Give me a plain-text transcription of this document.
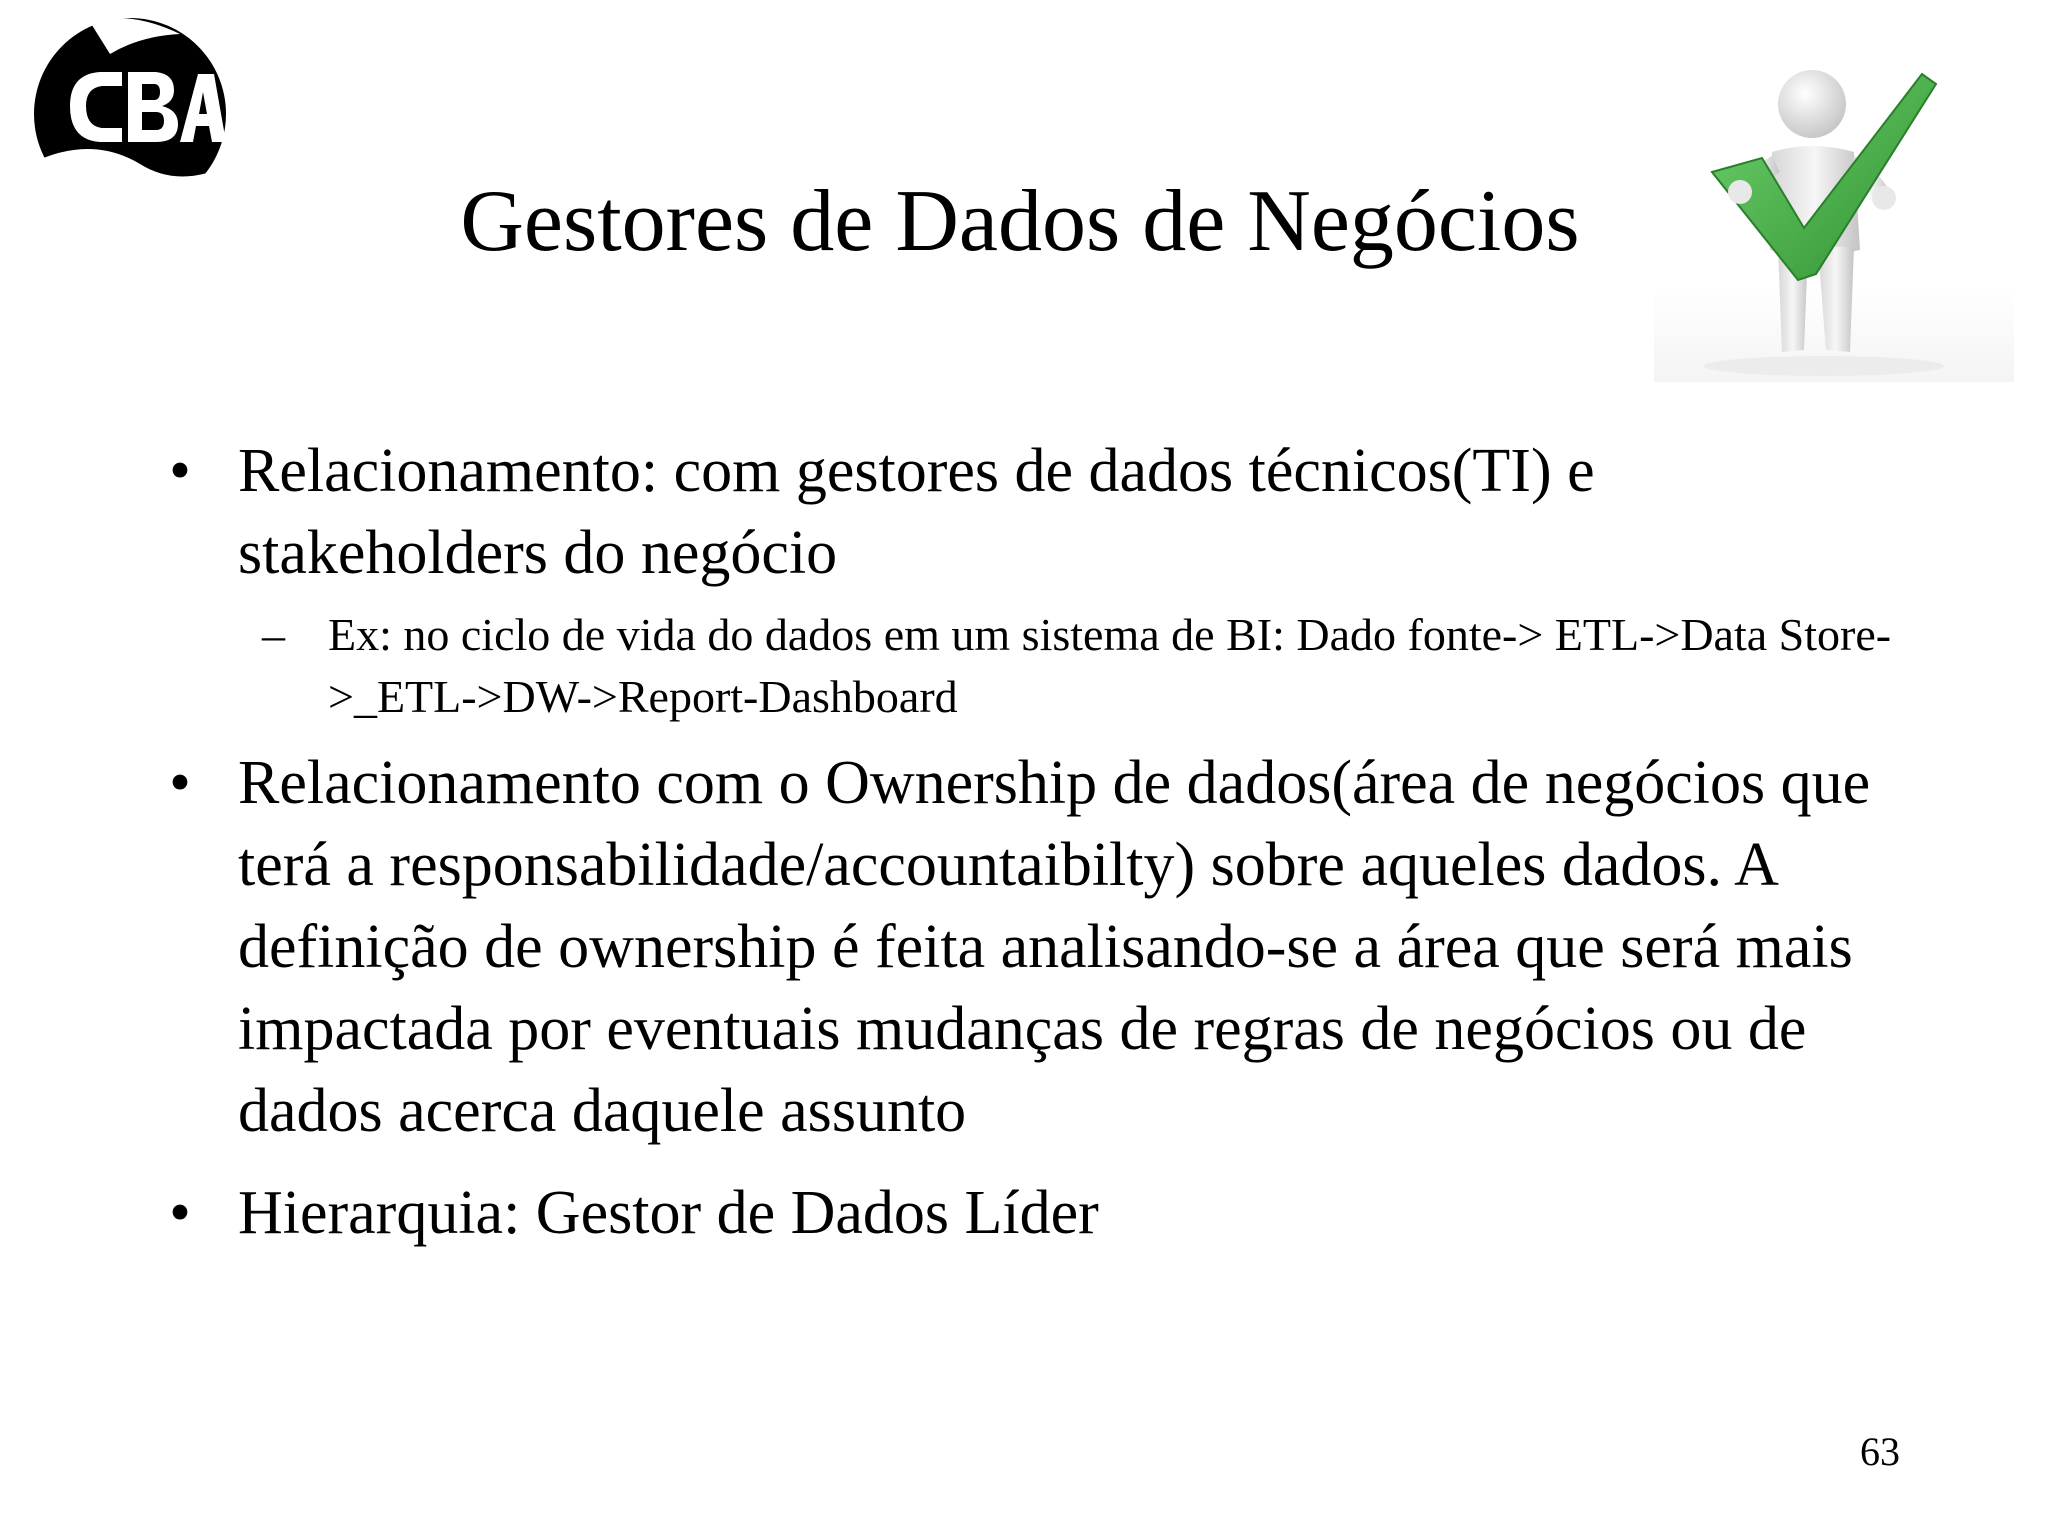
Gestores de Dados de Negócios

• Relacionamento: com gestores de dados técnicos(TI) e stakeholders do negócio

– Ex: no ciclo de vida do dados em um sistema de BI: Dado fonte-> ETL->Data Store->_ETL->DW->Report-Dashboard

• Relacionamento com o Ownership de dados(área de negócios que terá a responsabilidade/accountaibilty) sobre aqueles dados. A definição de ownership é feita analisando-se a área que será mais impactada por eventuais mudanças de regras de negócios ou de dados acerca daquele assunto

• Hierarquia: Gestor de Dados Líder

63
